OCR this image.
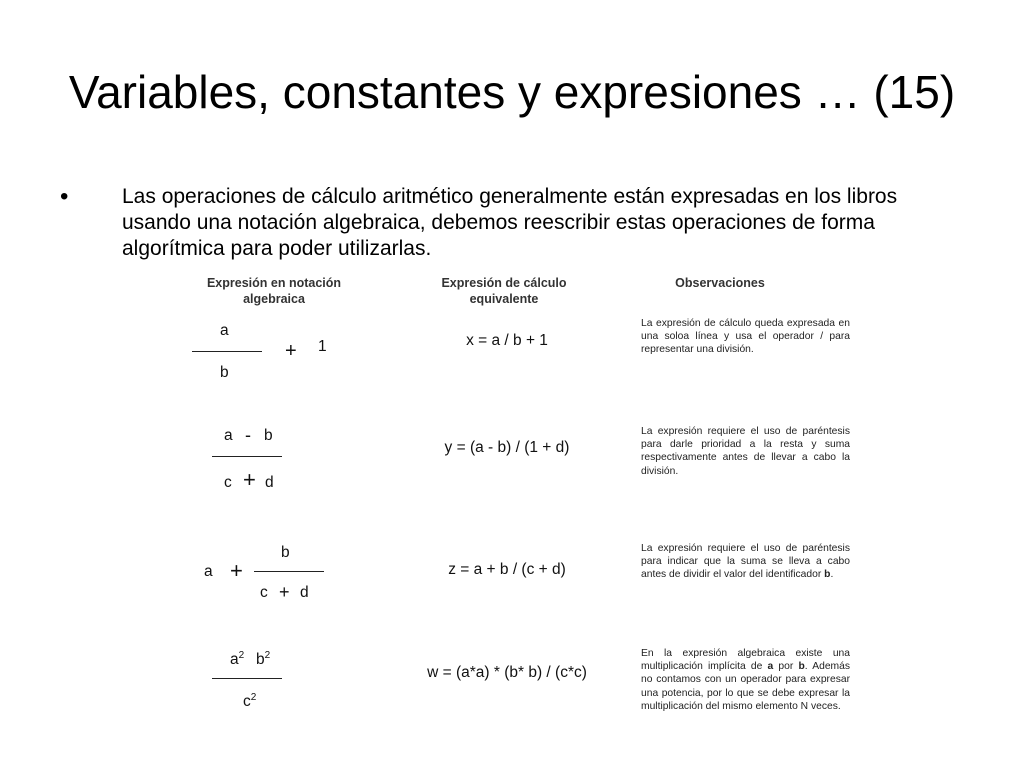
Variables, constantes y expresiones … (15)
•	Las operaciones de cálculo aritmético generalmente están expresadas en los libros usando una notación algebraica, debemos reescribir estas operaciones de forma algorítmica para poder utilizarlas.

Expresión en notación
algebraica
Expresión de cálculo
equivalente
Observaciones
a
b
+ 1	x = a / b + 1

La expresión de cálculo queda expresada en una soloa línea y usa el operador / para representar una división.

a - b
c + d
y = (a - b) / (1 + d)

La expresión requiere el uso de paréntesis para darle prioridad a la resta y suma respectivamente antes de llevar a cabo la división.

a +
b
c + d
z = a + b / (c + d)

La expresión requiere el uso de paréntesis para indicar que la suma se lleva a cabo antes de dividir el valor del identificador b.

$a^2$ $b^2$
$c^2$
w = (a*a) * (b* b) / (c*c)

En la expresión algebraica existe una multiplicación implícita de a por b. Además no contamos con un operador para expresar una potencia, por lo que se debe expresar la multiplicación del mismo elemento N veces.
